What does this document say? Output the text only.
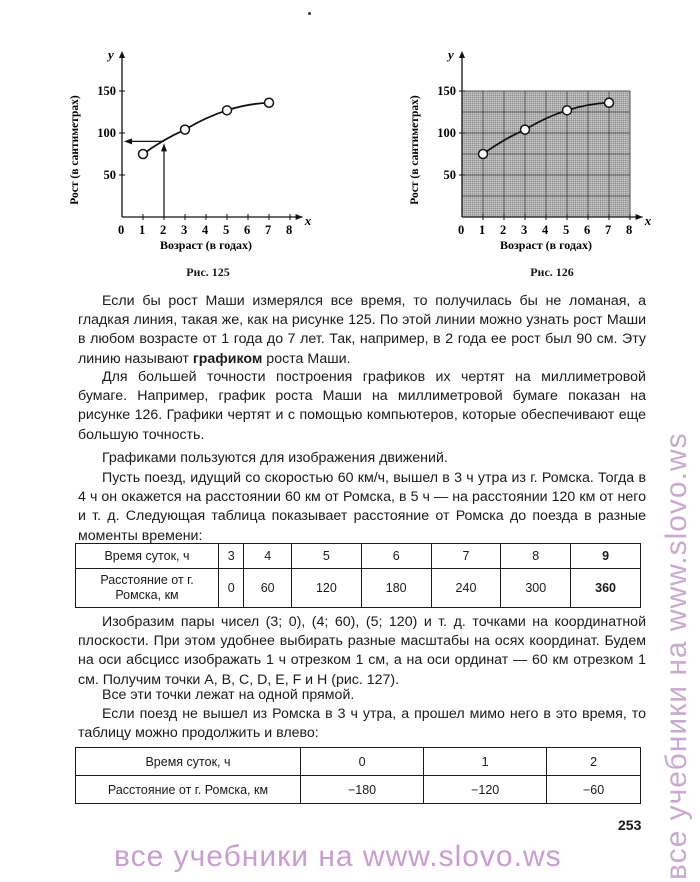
x
y
0 1 2 3 4 5 6 7 8
50
100
150
Возраст (в годах)
Рост (в сантиметрах)
Рис. 125
x
y
0 1 2 3 4 5 6 7 8
50
100
150
Возраст (в годах)
Рост (в сантиметрах)
Рис. 126

Если бы рост Маши измерялся все время, то получилась бы не ломаная, а гладкая линия, такая же, как на рисунке 125. По этой линии можно узнать рост Маши в любом возрасте от 1 года до 7 лет. Так, например, в 2 года ее рост был 90 см. Эту линию называют графиком роста Маши.

Для большей точности построения графиков их чертят на миллиметровой бумаге. Например, график роста Маши на миллиметровой бумаге показан на рисунке 126. Графики чертят и с помощью компьютеров, которые обеспечивают еще большую точность.

Графиками пользуются для изображения движений.

Пусть поезд, идущий со скоростью 60 км/ч, вышел в 3 ч утра из г. Ромска. Тогда в 4 ч он окажется на расстоянии 60 км от Ромска, в 5 ч — на расстоянии 120 км от него и т. д. Следующая таблица показывает расстояние от Ромска до поезда в разные моменты времени:

Время суток, ч	3	4	5	6	7	8	9
Расстояние от г. Ромска, км	0	60	120	180	240	300	360

Изобразим пары чисел (3; 0), (4; 60), (5; 120) и т. д. точками на координатной плоскости. При этом удобнее выбирать разные масштабы на осях координат. Будем на оси абсцисс изображать 1 ч отрезком 1 см, а на оси ординат — 60 км отрезком 1 см. Получим точки A, B, C, D, E, F и H (рис. 127).

Все эти точки лежат на одной прямой.

Если поезд не вышел из Ромска в 3 ч утра, а прошел мимо него в это время, то таблицу можно продолжить и влево:

Время суток, ч	0	1	2
Расстояние от г. Ромска, км	−180	−120	−60
253 все учебники на www.slovo.ws
все учебники на www.slovo.ws
